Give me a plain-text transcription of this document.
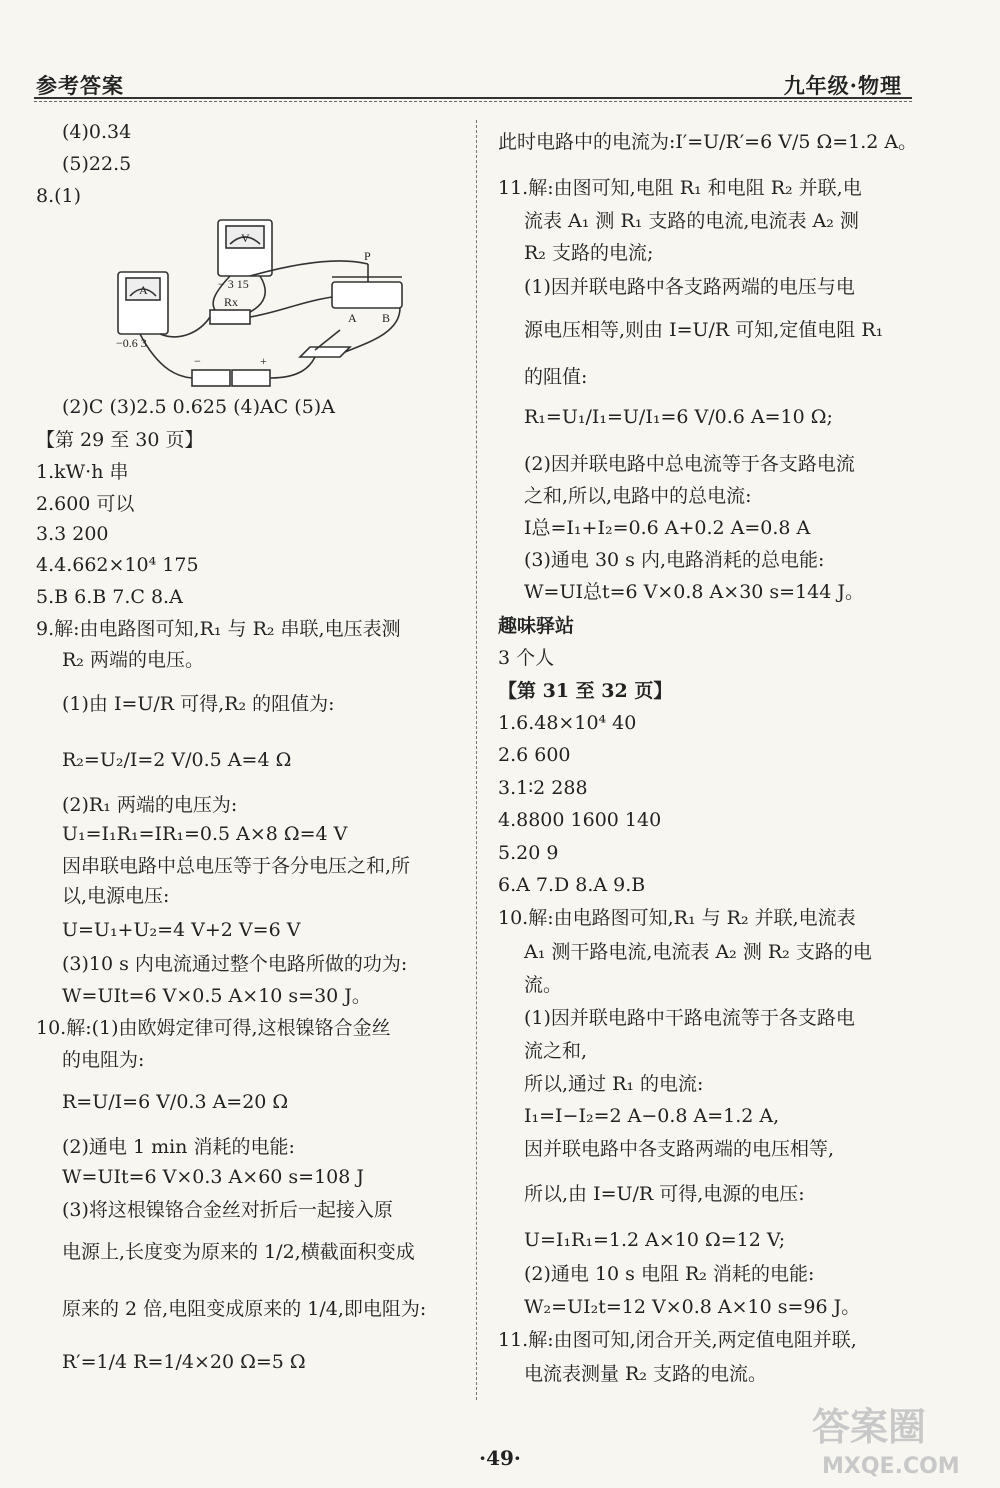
参考答案	九年级·物理
(4)0.34
(5)22.5
8.(1)
(2)C (3)2.5 0.625 (4)AC (5)A
【第 29 至 30 页】
1.kW·h 串
2.600 可以
3.3 200
4.4.662×10⁴ 175
5.B 6.B 7.C 8.A
9.解:由电路图可知,R₁ 与 R₂ 串联,电压表测
R₂ 两端的电压。
(1)由 I=U/R 可得,R₂ 的阻值为:
R₂=U₂/I=2 V/0.5 A=4 Ω
(2)R₁ 两端的电压为:
U₁=I₁R₁=IR₁=0.5 A×8 Ω=4 V
因串联电路中总电压等于各分电压之和,所
以,电源电压:
U=U₁+U₂=4 V+2 V=6 V
(3)10 s 内电流通过整个电路所做的功为:
W=UIt=6 V×0.5 A×10 s=30 J。
10.解:(1)由欧姆定律可得,这根镍铬合金丝
的电阻为:
R=U/I=6 V/0.3 A=20 Ω
(2)通电 1 min 消耗的电能:
W=UIt=6 V×0.3 A×60 s=108 J
(3)将这根镍铬合金丝对折后一起接入原
电源上,长度变为原来的 1/2,横截面积变成
原来的 2 倍,电阻变成原来的 1/4,即电阻为:
R′=1/4 R=1/4×20 Ω=5 Ω
此时电路中的电流为:I′=U/R′=6 V/5 Ω=1.2 A。
11.解:由图可知,电阻 R₁ 和电阻 R₂ 并联,电
流表 A₁ 测 R₁ 支路的电流,电流表 A₂ 测
R₂ 支路的电流;
(1)因并联电路中各支路两端的电压与电
源电压相等,则由 I=U/R 可知,定值电阻 R₁
的阻值:
R₁=U₁/I₁=U/I₁=6 V/0.6 A=10 Ω;
(2)因并联电路中总电流等于各支路电流
之和,所以,电路中的总电流:
I总=I₁+I₂=0.6 A+0.2 A=0.8 A
(3)通电 30 s 内,电路消耗的总电能:
W=UI总t=6 V×0.8 A×30 s=144 J。
趣味驿站
3 个人
【第 31 至 32 页】
1.6.48×10⁴ 40
2.6 600
3.1∶2 288
4.8800 1600 140
5.20 9
6.A 7.D 8.A 9.B
10.解:由电路图可知,R₁ 与 R₂ 并联,电流表
A₁ 测干路电流,电流表 A₂ 测 R₂ 支路的电
流。
(1)因并联电路中干路电流等于各支路电
流之和,
所以,通过 R₁ 的电流:
I₁=I−I₂=2 A−0.8 A=1.2 A,
因并联电路中各支路两端的电压相等,
所以,由 I=U/R 可得,电源的电压:
U=I₁R₁=1.2 A×10 Ω=12 V;
(2)通电 10 s 电阻 R₂ 消耗的电能:
W₂=UI₂t=12 V×0.8 A×10 s=96 J。
11.解:由图可知,闭合开关,两定值电阻并联,
电流表测量 R₂ 支路的电流。
A
−0.6 3
V
− 3 15
Rx
P
A B
−	+
·49·
答案圈
MXQE.COM
